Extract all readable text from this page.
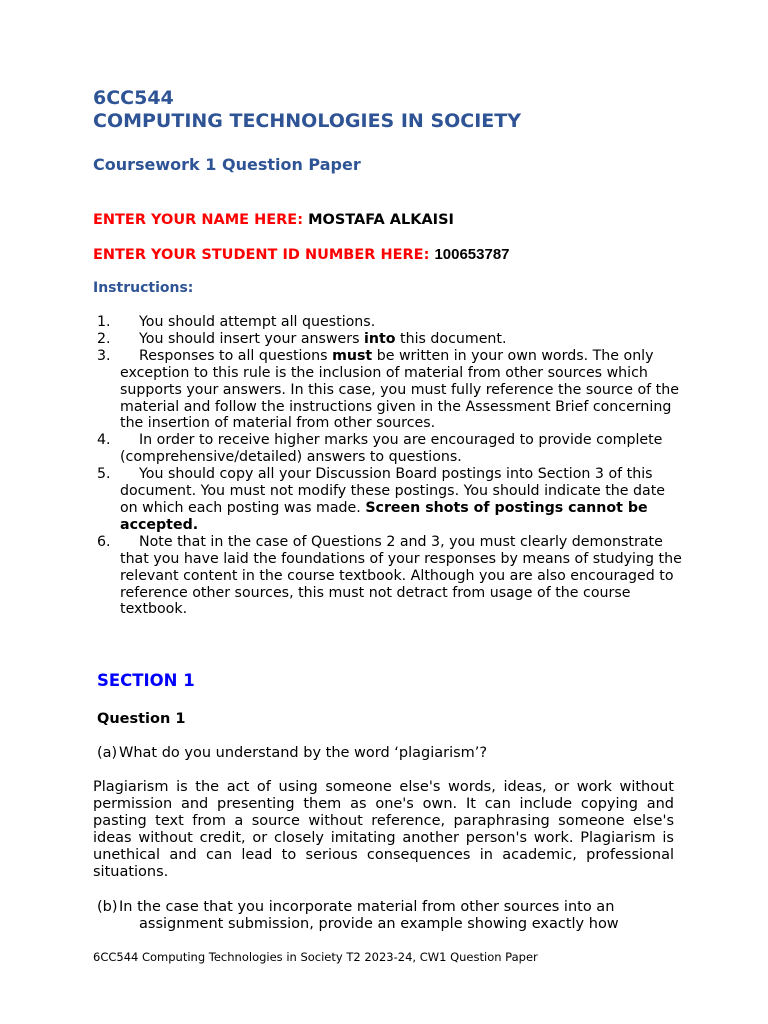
6CC544

COMPUTING TECHNOLOGIES IN SOCIETY

Coursework 1 Question Paper

ENTER YOUR NAME HERE: MOSTAFA ALKAISI

ENTER YOUR STUDENT ID NUMBER HERE: 100653787

Instructions:

1. You should attempt all questions.
2. You should insert your answers into this document.
3. Responses to all questions must be written in your own words. The only exception to this rule is the inclusion of material from other sources which supports your answers. In this case, you must fully reference the source of the material and follow the instructions given in the Assessment Brief concerning the insertion of material from other sources.
4. In order to receive higher marks you are encouraged to provide complete (comprehensive/detailed) answers to questions.
5. You should copy all your Discussion Board postings into Section 3 of this document. You must not modify these postings. You should indicate the date on which each posting was made. Screen shots of postings cannot be accepted.
6. Note that in the case of Questions 2 and 3, you must clearly demonstrate that you have laid the foundations of your responses by means of studying the relevant content in the course textbook. Although you are also encouraged to reference other sources, this must not detract from usage of the course textbook.

SECTION 1

Question 1

(a) What do you understand by the word ‘plagiarism’?

Plagiarism is the act of using someone else's words, ideas, or work without permission and presenting them as one's own. It can include copying and pasting text from a source without reference, paraphrasing someone else's ideas without credit, or closely imitating another person's work. Plagiarism is unethical and can lead to serious consequences in academic, professional situations.

(b) In the case that you incorporate material from other sources into an
assignment submission, provide an example showing exactly how

6CC544 Computing Technologies in Society T2 2023-24, CW1 Question Paper
